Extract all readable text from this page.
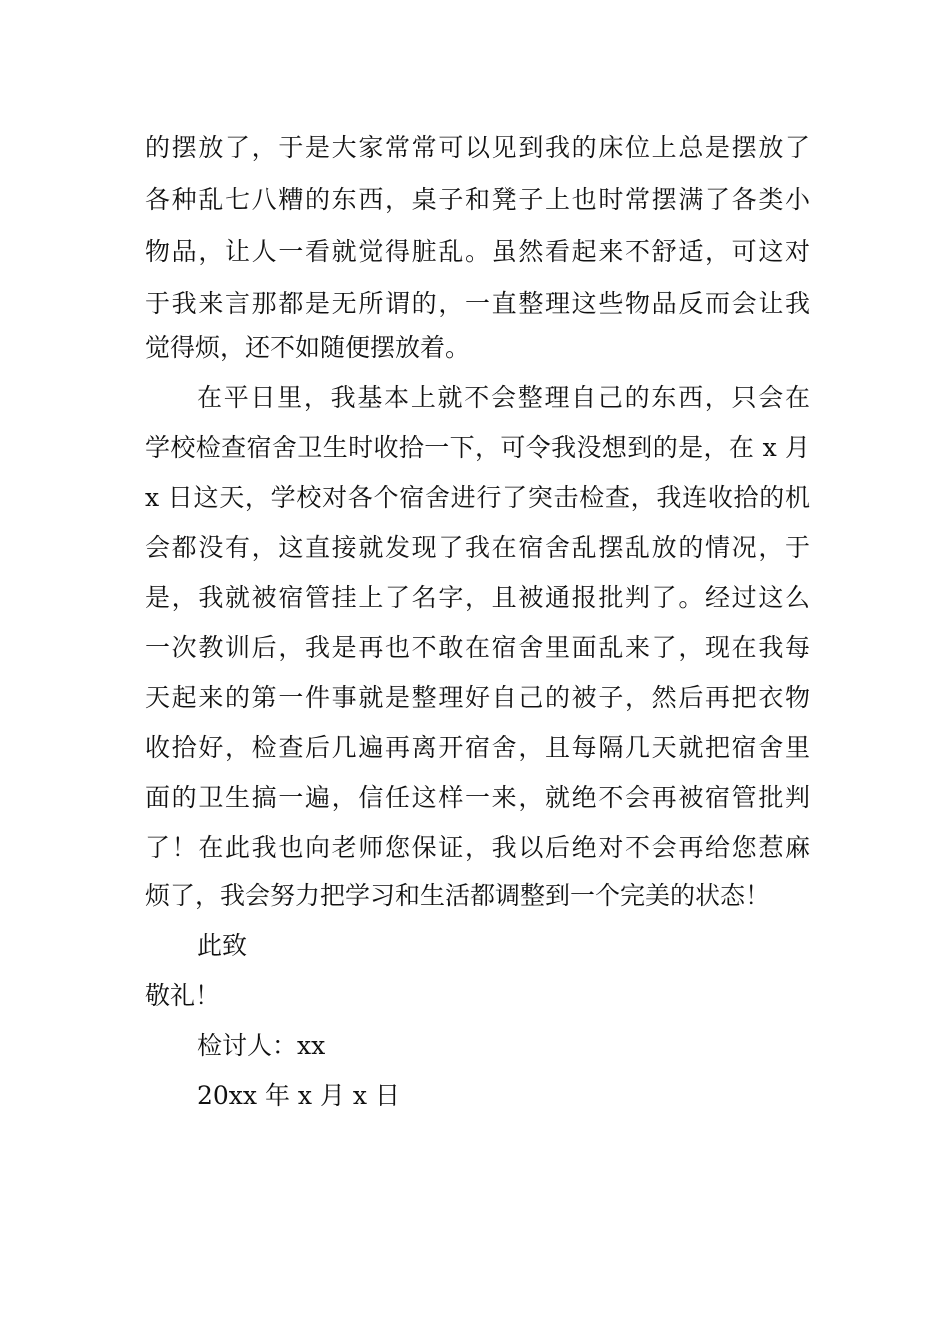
的摆放了，于是大家常常可以见到我的床位上总是摆放了
各种乱七八糟的东西，桌子和凳子上也时常摆满了各类小
物品，让人一看就觉得脏乱。虽然看起来不舒适，可这对
于我来言那都是无所谓的，一直整理这些物品反而会让我
觉得烦，还不如随便摆放着。
在平日里，我基本上就不会整理自己的东西，只会在
学校检查宿舍卫生时收拾一下，可令我没想到的是，在 x 月
x 日这天，学校对各个宿舍进行了突击检查，我连收拾的机
会都没有，这直接就发现了我在宿舍乱摆乱放的情况，于
是，我就被宿管挂上了名字，且被通报批判了。经过这么
一次教训后，我是再也不敢在宿舍里面乱来了，现在我每
天起来的第一件事就是整理好自己的被子，然后再把衣物
收拾好，检查后几遍再离开宿舍，且每隔几天就把宿舍里
面的卫生搞一遍，信任这样一来，就绝不会再被宿管批判
了！在此我也向老师您保证，我以后绝对不会再给您惹麻
烦了，我会努力把学习和生活都调整到一个完美的状态！
此致
敬礼！
检讨人：xx
20xx 年 x 月 x 日
